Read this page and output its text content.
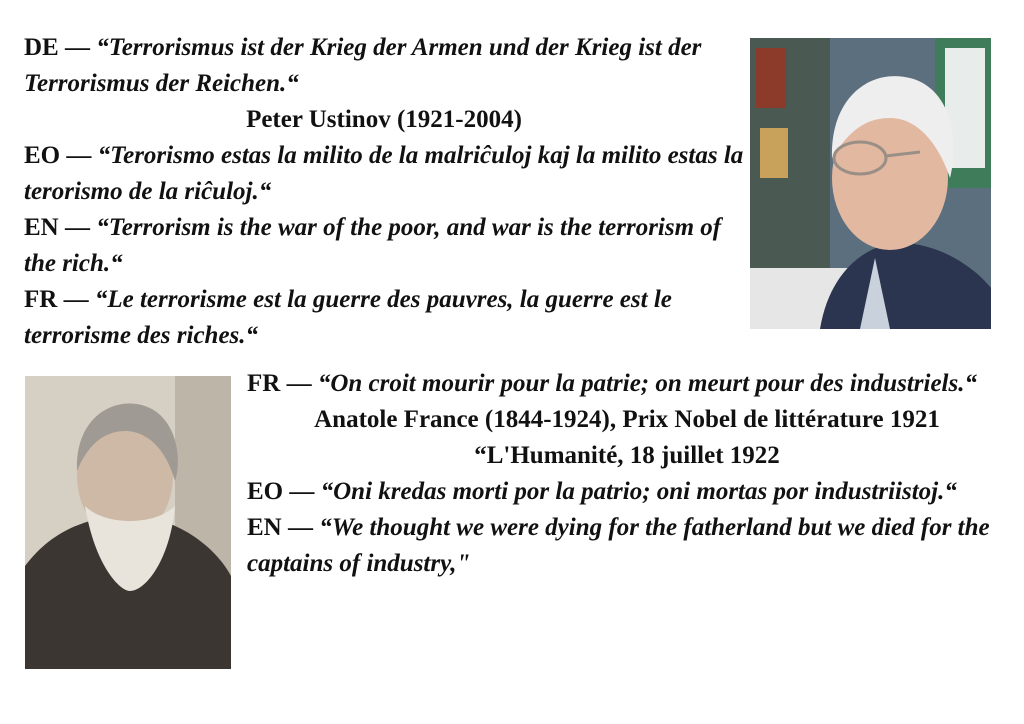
DE — “Terrorismus ist der Krieg der Armen und der Krieg ist der Terrorismus der Reichen.“

Peter Ustinov (1921-2004)

EO — “Terorismo estas la milito de la malriĉuloj kaj la milito estas la terorismo de la riĉuloj.“

EN — “Terrorism is the war of the poor, and war is the terrorism of the rich.“

FR — “Le terrorisme est la guerre des pauvres, la guerre est le terrorisme des riches.“

FR — “On croit mourir pour la patrie; on meurt pour des industriels.“

Anatole France (1844-1924), Prix Nobel de littérature 1921

“L'Humanité, 18 juillet 1922

EO — “Oni kredas morti por la patrio; oni mortas por industriistoj.“

EN — “We thought we were dying for the fatherland but we died for the captains of industry,"
